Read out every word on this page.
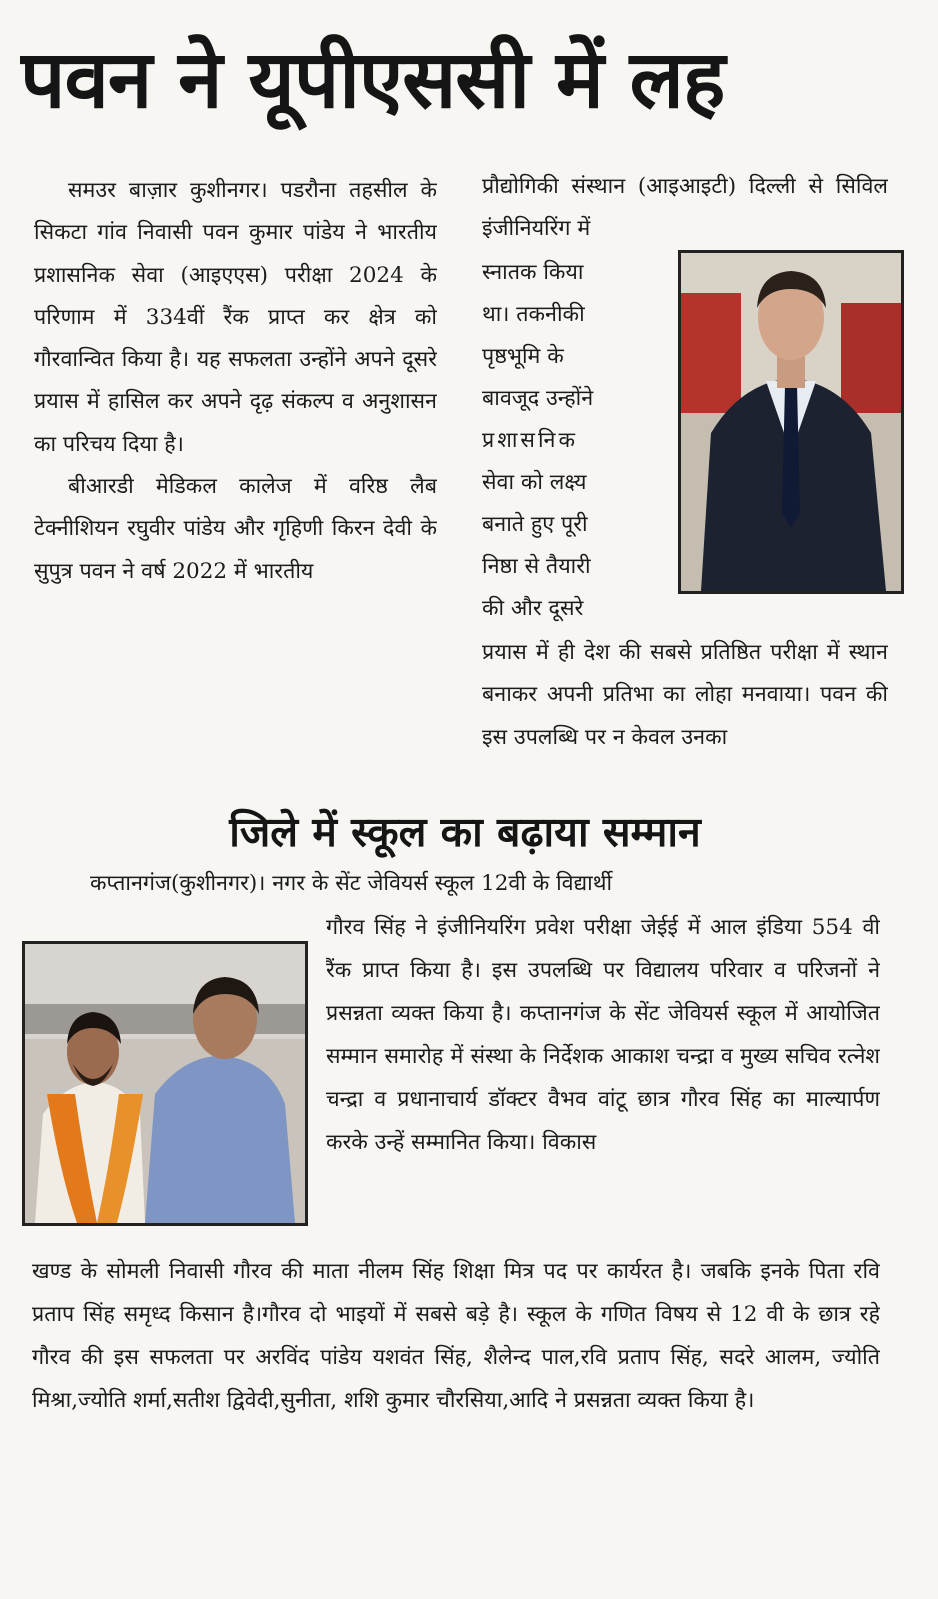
पवन ने यूपीएससी में लह

समउर बाज़ार कुशीनगर। पडरौना तहसील के सिकटा गांव निवासी पवन कुमार पांडेय ने भारतीय प्रशासनिक सेवा (आइएएस) परीक्षा 2024 के परिणाम में 334वीं रैंक प्राप्त कर क्षेत्र को गौरवान्वित किया है। यह सफलता उन्होंने अपने दूसरे प्रयास में हासिल कर अपने दृढ़ संकल्प व अनुशासन का परिचय दिया है।

बीआरडी मेडिकल कालेज में वरिष्ठ लैब टेक्नीशियन रघुवीर पांडेय और गृहिणी किरन देवी के सुपुत्र पवन ने वर्ष 2022 में भारतीय

प्रौद्योगिकी संस्थान (आइआइटी) दिल्ली से सिविल इंजीनियरिंग में

स्नातक किया
था। तकनीकी
पृष्ठभूमि के
बावजूद उन्होंने
प्रशासनिक
सेवा को लक्ष्य
बनाते हुए पूरी
निष्ठा से तैयारी
की और दूसरे

प्रयास में ही देश की सबसे प्रतिष्ठित परीक्षा में स्थान बनाकर अपनी प्रतिभा का लोहा मनवाया। पवन की इस उपलब्धि पर न केवल उनका

जिले में स्कूल का बढ़ाया सम्मान

कप्तानगंज(कुशीनगर)। नगर के सेंट जेवियर्स स्कूल 12वी के विद्यार्थी

गौरव सिंह ने इंजीनियरिंग प्रवेश परीक्षा जेईई में आल इंडिया 554 वी रैंक प्राप्त किया है। इस उपलब्धि पर विद्यालय परिवार व परिजनों ने प्रसन्नता व्यक्त किया है। कप्तानगंज के सेंट जेवियर्स स्कूल में आयोजित सम्मान समारोह में संस्था के निर्देशक आकाश चन्द्रा व मुख्य सचिव रत्नेश चन्द्रा व प्रधानाचार्य डॉक्टर वैभव वांटू छात्र गौरव सिंह का माल्यार्पण करके उन्हें सम्मानित किया। विकास

खण्ड के सोमली निवासी गौरव की माता नीलम सिंह शिक्षा मित्र पद पर कार्यरत है। जबकि इनके पिता रवि प्रताप सिंह समृध्द किसान है।गौरव दो भाइयों में सबसे बड़े है। स्कूल के गणित विषय से 12 वी के छात्र रहे गौरव की इस सफलता पर अरविंद पांडेय यशवंत सिंह, शैलेन्द पाल,रवि प्रताप सिंह, सदरे आलम, ज्योति मिश्रा,ज्योति शर्मा,सतीश द्विवेदी,सुनीता, शशि कुमार चौरसिया,आदि ने प्रसन्नता व्यक्त किया है।
